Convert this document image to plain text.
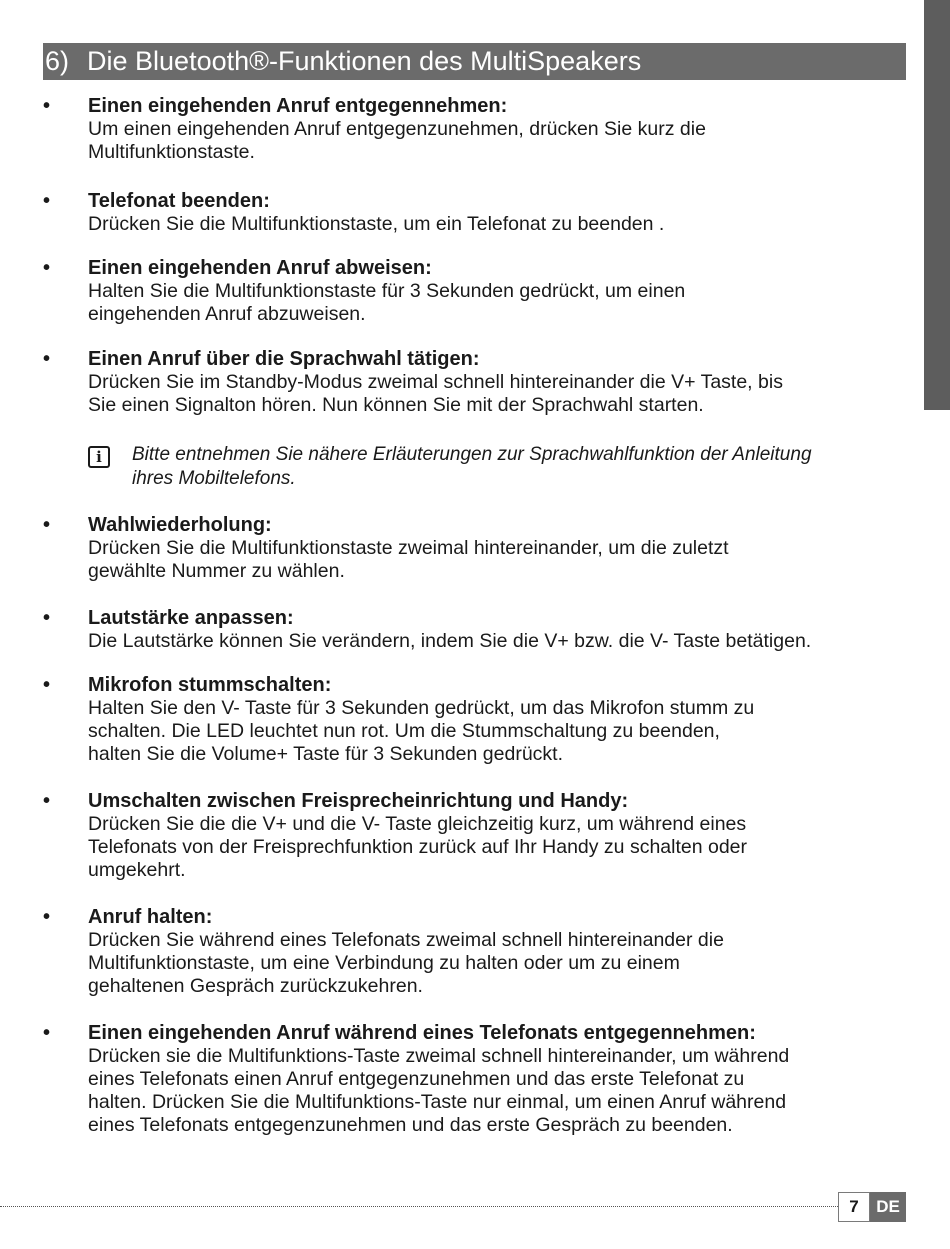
6) Die Bluetooth®-Funktionen des MultiSpeakers
• Einen eingehenden Anruf entgegennehmen:
Um einen eingehenden Anruf entgegenzunehmen, drücken Sie kurz die
Multifunktionstaste.
• Telefonat beenden:
Drücken Sie die Multifunktionstaste, um ein Telefonat zu beenden .
• Einen eingehenden Anruf abweisen:
Halten Sie die Multifunktionstaste für 3 Sekunden gedrückt, um einen
eingehenden Anruf abzuweisen.
• Einen Anruf über die Sprachwahl tätigen:
Drücken Sie im Standby-Modus zweimal schnell hintereinander die V+ Taste, bis
Sie einen Signalton hören. Nun können Sie mit der Sprachwahl starten.
i	Bitte entnehmen Sie nähere Erläuterungen zur Sprachwahlfunktion der Anleitung
ihres Mobiltelefons.
• Wahlwiederholung:
Drücken Sie die Multifunktionstaste zweimal hintereinander, um die zuletzt
gewählte Nummer zu wählen.
• Lautstärke anpassen:
Die Lautstärke können Sie verändern, indem Sie die V+ bzw. die V- Taste betätigen.
• Mikrofon stummschalten:
Halten Sie den V- Taste für 3 Sekunden gedrückt, um das Mikrofon stumm zu
schalten. Die LED leuchtet nun rot. Um die Stummschaltung zu beenden,
halten Sie die Volume+ Taste für 3 Sekunden gedrückt.
• Umschalten zwischen Freisprecheinrichtung und Handy:
Drücken Sie die die V+ und die V- Taste gleichzeitig kurz, um während eines
Telefonats von der Freisprechfunktion zurück auf Ihr Handy zu schalten oder
umgekehrt.
• Anruf halten:
Drücken Sie während eines Telefonats zweimal schnell hintereinander die
Multifunktionstaste, um eine Verbindung zu halten oder um zu einem
gehaltenen Gespräch zurückzukehren.
• Einen eingehenden Anruf während eines Telefonats entgegennehmen:
Drücken sie die Multifunktions-Taste zweimal schnell hintereinander, um während
eines Telefonats einen Anruf entgegenzunehmen und das erste Telefonat zu
halten. Drücken Sie die Multifunktions-Taste nur einmal, um einen Anruf während
eines Telefonats entgegenzunehmen und das erste Gespräch zu beenden.
7	DE
